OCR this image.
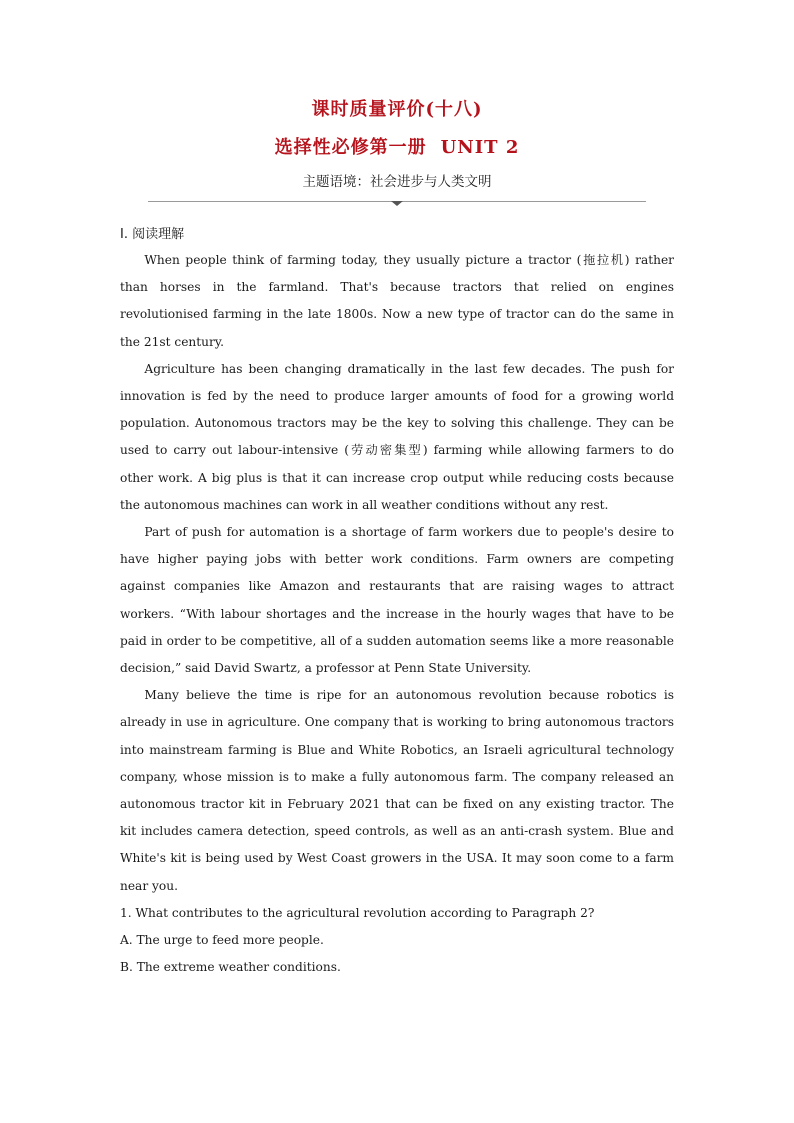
课时质量评价(十八)
选择性必修第一册 UNIT 2
主题语境：社会进步与人类文明
Ⅰ. 阅读理解

When people think of farming today, they usually picture a tractor (拖拉机) rather than horses in the farmland. That's because tractors that relied on engines revolutionised farming in the late 1800s. Now a new type of tractor can do the same in the 21st century.

Agriculture has been changing dramatically in the last few decades. The push for innovation is fed by the need to produce larger amounts of food for a growing world population. Autonomous tractors may be the key to solving this challenge. They can be used to carry out labour-intensive (劳动密集型) farming while allowing farmers to do other work. A big plus is that it can increase crop output while reducing costs because the autonomous machines can work in all weather conditions without any rest.

Part of push for automation is a shortage of farm workers due to people's desire to have higher paying jobs with better work conditions. Farm owners are competing against companies like Amazon and restaurants that are raising wages to attract workers. “With labour shortages and the increase in the hourly wages that have to be paid in order to be competitive, all of a sudden automation seems like a more reasonable decision,” said David Swartz, a professor at Penn State University.

Many believe the time is ripe for an autonomous revolution because robotics is already in use in agriculture. One company that is working to bring autonomous tractors into mainstream farming is Blue and White Robotics, an Israeli agricultural technology company, whose mission is to make a fully autonomous farm. The company released an autonomous tractor kit in February 2021 that can be fixed on any existing tractor. The kit includes camera detection, speed controls, as well as an anti-crash system. Blue and White's kit is being used by West Coast growers in the USA. It may soon come to a farm near you.

1. What contributes to the agricultural revolution according to Paragraph 2?
A. The urge to feed more people.
B. The extreme weather conditions.
